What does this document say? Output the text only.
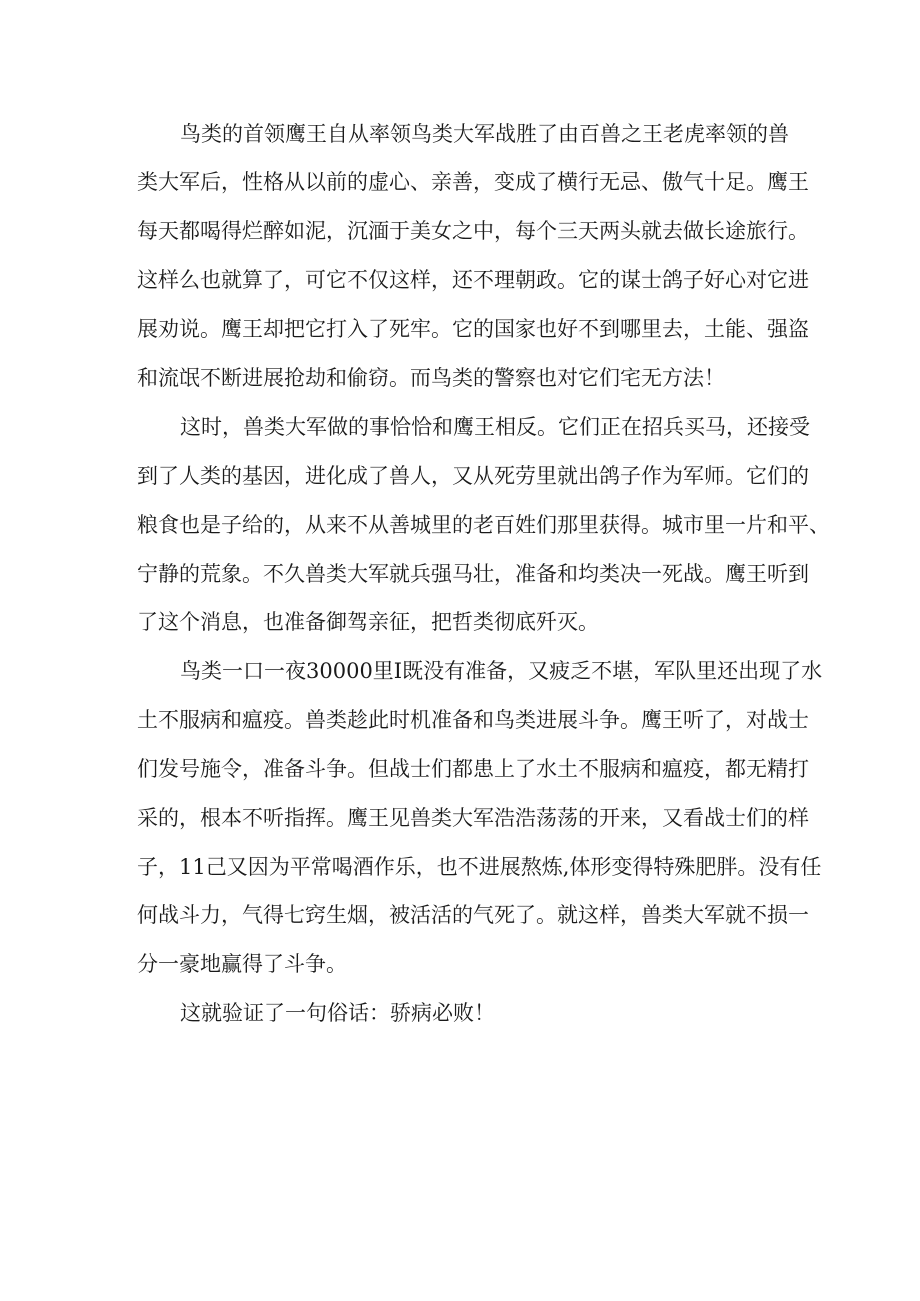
鸟类的首领鹰王自从率领鸟类大军战胜了由百兽之王老虎率领的兽
类大军后，性格从以前的虚心、亲善，变成了横行无忌、傲气十足。鹰王
每天都喝得烂醉如泥，沉湎于美女之中，每个三天两头就去做长途旅行。
这样么也就算了，可它不仅这样，还不理朝政。它的谋士鸽子好心对它进
展劝说。鹰王却把它打入了死牢。它的国家也好不到哪里去，土能、强盗
和流氓不断进展抢劫和偷窃。而鸟类的警察也对它们宅无方法！
这时，兽类大军做的事恰恰和鹰王相反。它们正在招兵买马，还接受
到了人类的基因，进化成了兽人，又从死劳里就出鸽子作为军师。它们的
粮食也是子给的，从来不从善城里的老百姓们那里获得。城市里一片和平、
宁静的荒象。不久兽类大军就兵强马壮，准备和均类决一死战。鹰王听到
了这个消息，也准备御驾亲征，把哲类彻底歼灭。
鸟类一口一夜30000里I既没有准备，又疲乏不堪，军队里还出现了水
土不服病和瘟疫。兽类趁此时机准备和鸟类进展斗争。鹰王听了，对战士
们发号施令，准备斗争。但战士们都患上了水土不服病和瘟疫，都无精打
采的，根本不听指挥。鹰王见兽类大军浩浩荡荡的开来，又看战士们的样
子，11己又因为平常喝酒作乐，也不进展熬炼,体形变得特殊肥胖。没有任
何战斗力，气得七窍生烟，被活活的气死了。就这样，兽类大军就不损一
分一豪地赢得了斗争。
这就验证了一句俗话：骄病必败！
